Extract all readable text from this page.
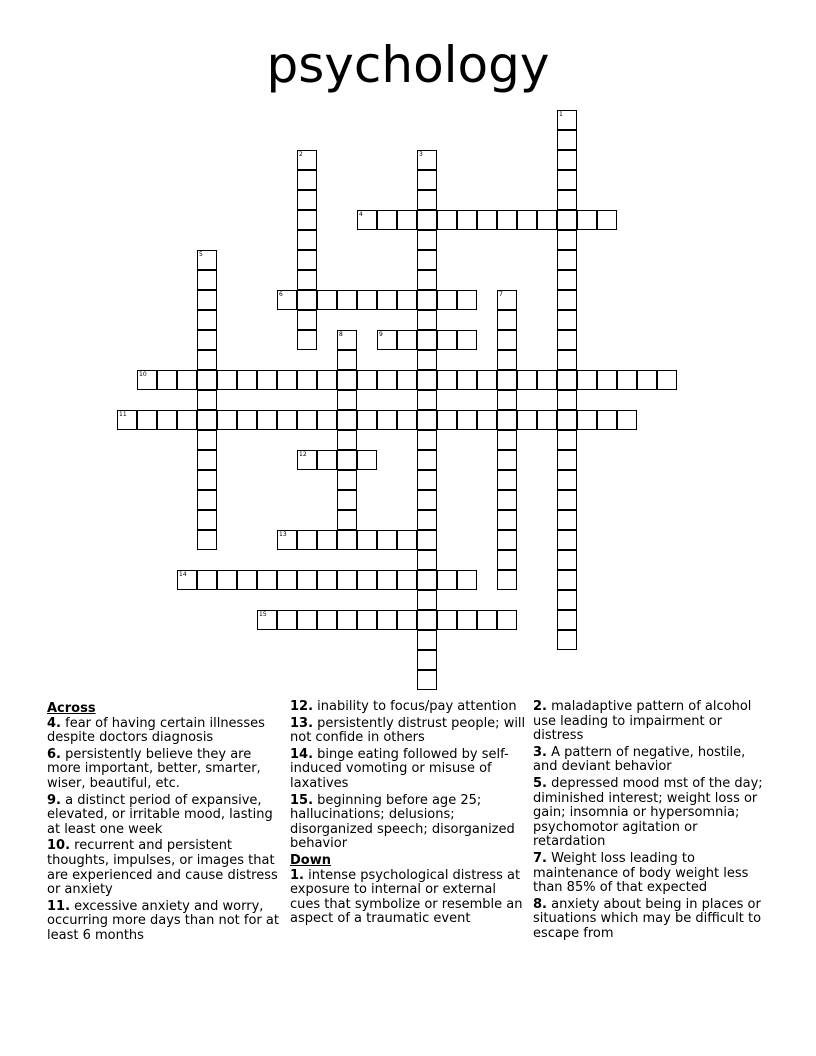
psychology
1
2	3
4
5
6	7
8	9
10
11
12
13
14
15
Across
4. fear of having certain illnesses despite doctors diagnosis
6. persistently believe they are more important, better, smarter, wiser, beautiful, etc.
9. a distinct period of expansive, elevated, or irritable mood, lasting at least one week
10. recurrent and persistent thoughts, impulses, or images that are experienced and cause distress or anxiety
11. excessive anxiety and worry, occurring more days than not for at least 6 months
12. inability to focus/pay attention
13. persistently distrust people; will not confide in others
14. binge eating followed by self-induced vomoting or misuse of laxatives
15. beginning before age 25; hallucinations; delusions; disorganized speech; disorganized behavior
Down
1. intense psychological distress at exposure to internal or external cues that symbolize or resemble an aspect of a traumatic event
2. maladaptive pattern of alcohol use leading to impairment or distress
3. A pattern of negative, hostile, and deviant behavior
5. depressed mood mst of the day; diminished interest; weight loss or gain; insomnia or hypersomnia; psychomotor agitation or retardation
7. Weight loss leading to maintenance of body weight less than 85% of that expected
8. anxiety about being in places or situations which may be difficult to escape from
